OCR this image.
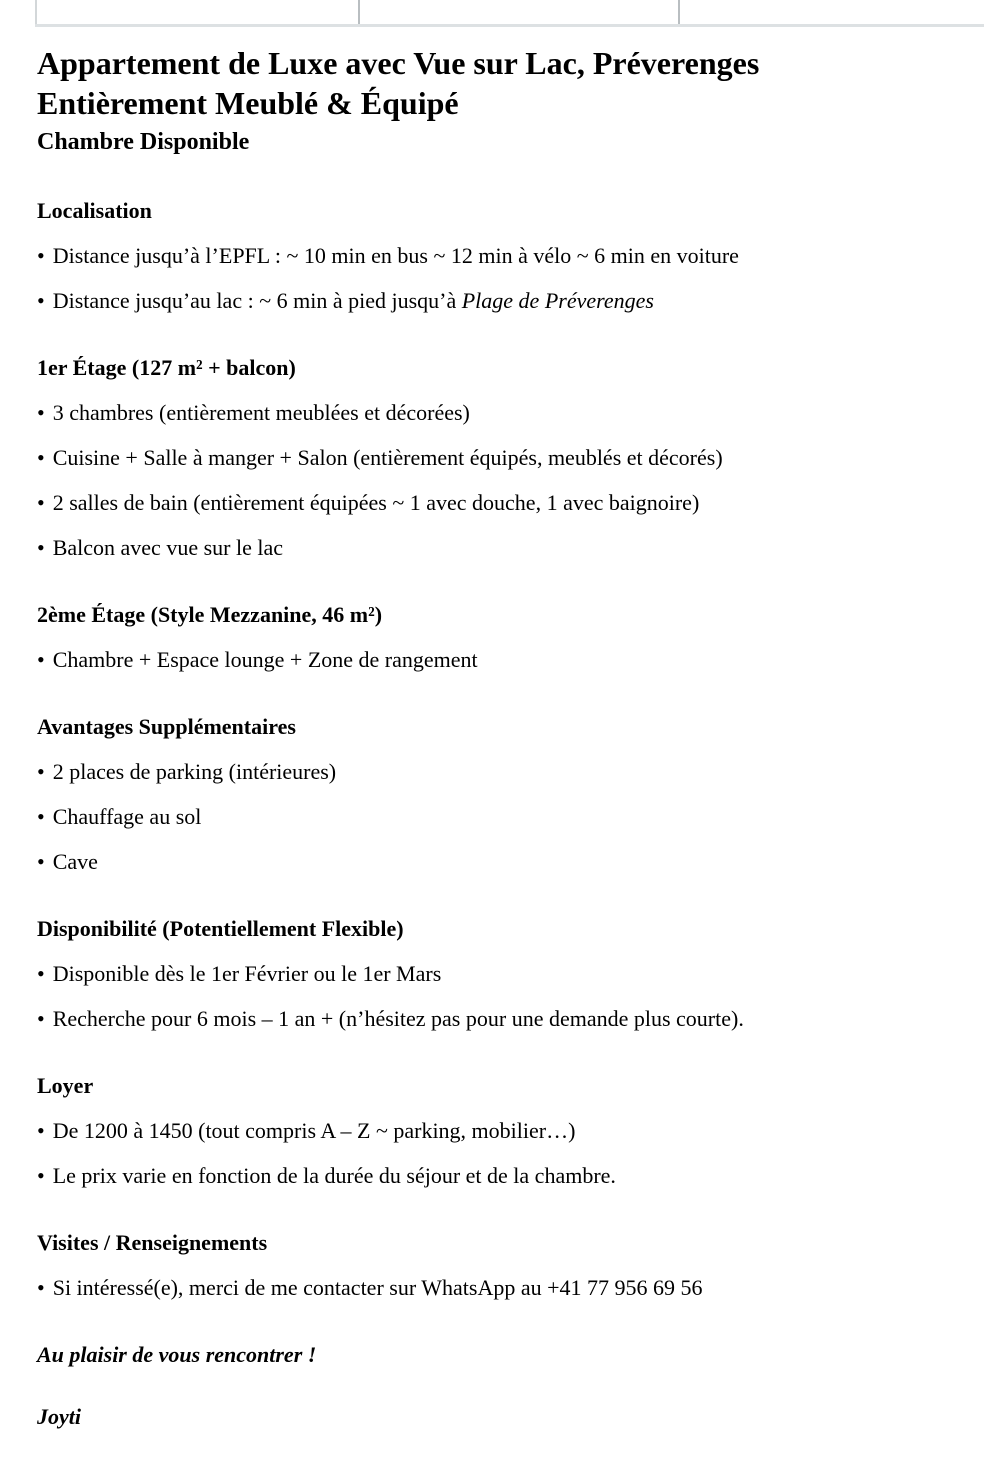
Appartement de Luxe avec Vue sur Lac, Préverenges
Entièrement Meublé & Équipé
Chambre Disponible

Localisation

• Distance jusqu’à l’EPFL : ~ 10 min en bus ~ 12 min à vélo ~ 6 min en voiture

• Distance jusqu’au lac : ~ 6 min à pied jusqu’à Plage de Préverenges

1er Étage (127 m² + balcon)

• 3 chambres (entièrement meublées et décorées)

• Cuisine + Salle à manger + Salon (entièrement équipés, meublés et décorés)

• 2 salles de bain (entièrement équipées ~ 1 avec douche, 1 avec baignoire)

• Balcon avec vue sur le lac

2ème Étage (Style Mezzanine, 46 m²)

• Chambre + Espace lounge + Zone de rangement

Avantages Supplémentaires

• 2 places de parking (intérieures)

• Chauffage au sol

• Cave

Disponibilité (Potentiellement Flexible)

• Disponible dès le 1er Février ou le 1er Mars

• Recherche pour 6 mois – 1 an + (n’hésitez pas pour une demande plus courte).

Loyer

• De 1200 à 1450 (tout compris A – Z ~ parking, mobilier…)

• Le prix varie en fonction de la durée du séjour et de la chambre.

Visites / Renseignements

• Si intéressé(e), merci de me contacter sur WhatsApp au +41 77 956 69 56

Au plaisir de vous rencontrer !

Joyti
